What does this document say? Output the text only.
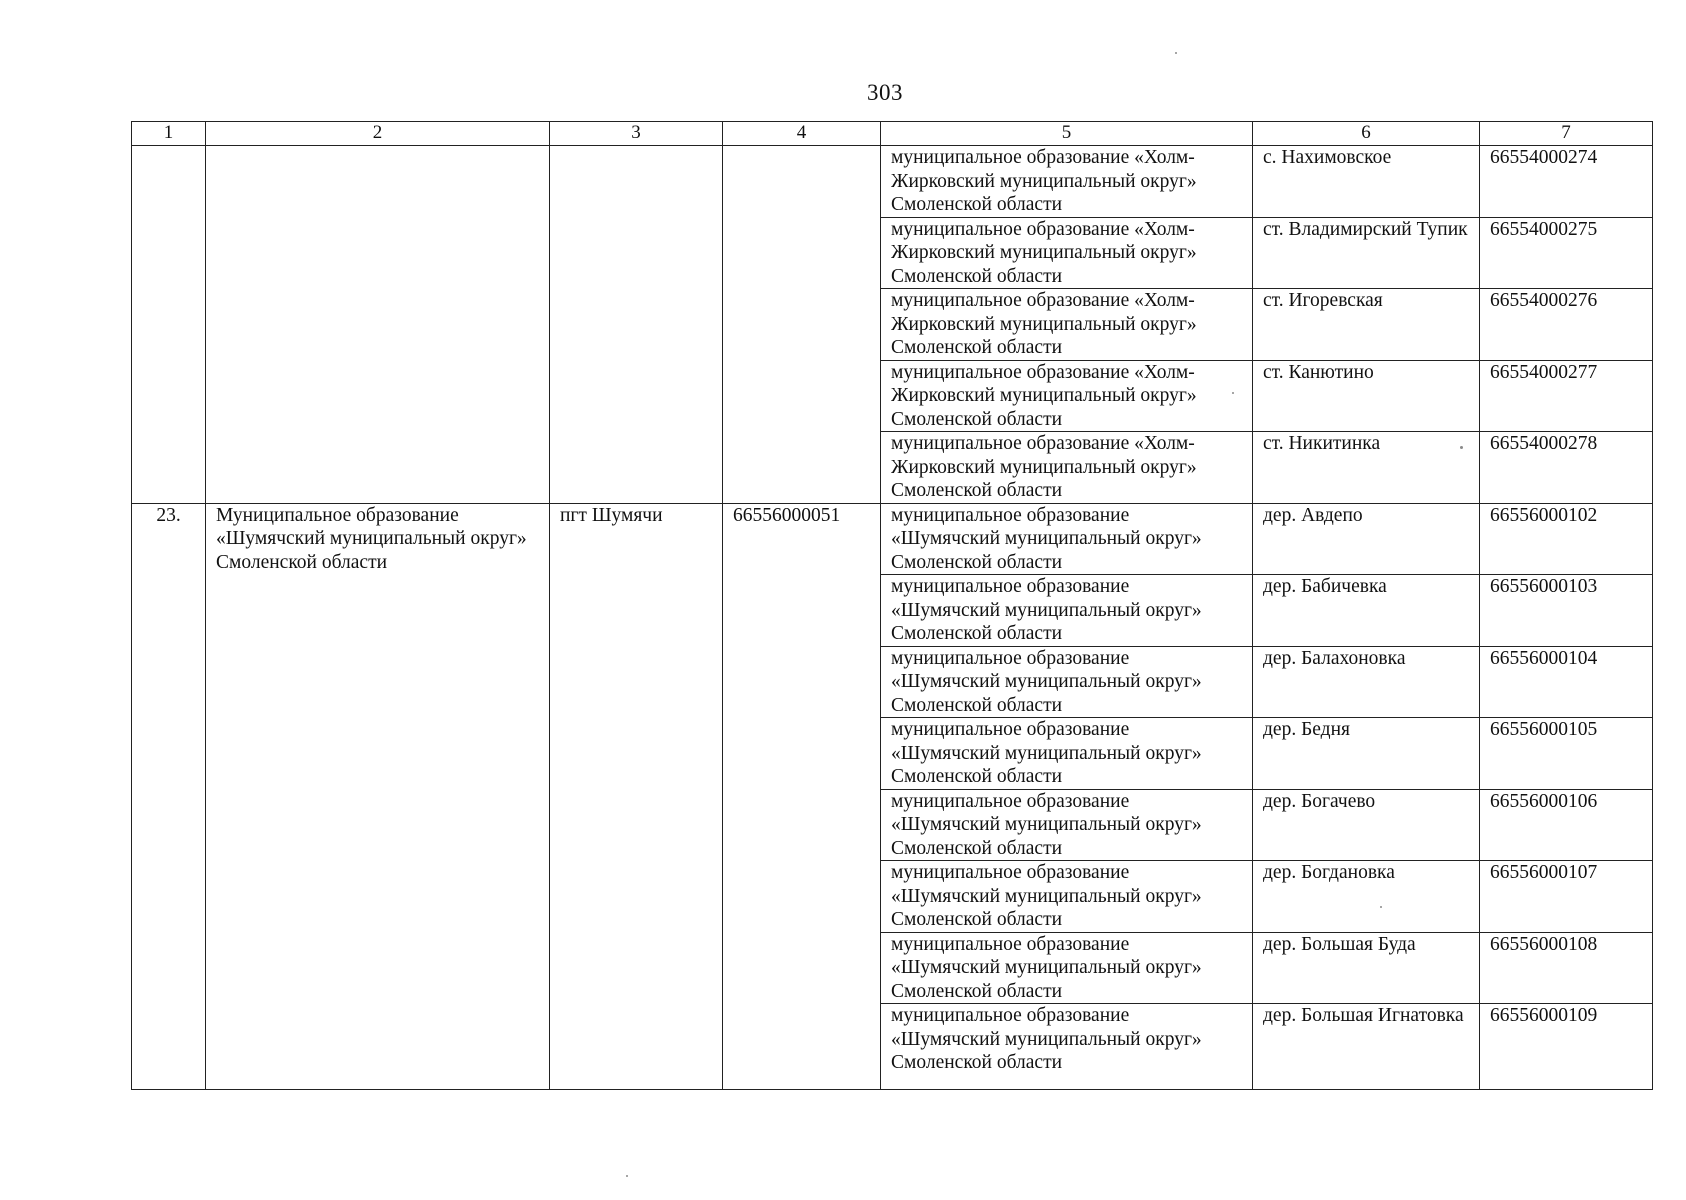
303
1	2	3	4	5	6	7
				муниципальное образование «Холм-Жирковский муниципальный округ» Смоленской области	с. Нахимовское	66554000274
				муниципальное образование «Холм-Жирковский муниципальный округ» Смоленской области	ст. Владимирский Тупик	66554000275
				муниципальное образование «Холм-Жирковский муниципальный округ» Смоленской области	ст. Игоревская	66554000276
				муниципальное образование «Холм-Жирковский муниципальный округ» Смоленской области	ст. Канютино	66554000277
				муниципальное образование «Холм-Жирковский муниципальный округ» Смоленской области	ст. Никитинка	66554000278
23.	Муниципальное образование «Шумячский муниципальный округ» Смоленской области	пгт Шумячи	66556000051	муниципальное образование «Шумячский муниципальный округ» Смоленской области	дер. Авдепо	66556000102
				муниципальное образование «Шумячский муниципальный округ» Смоленской области	дер. Бабичевка	66556000103
				муниципальное образование «Шумячский муниципальный округ» Смоленской области	дер. Балахоновка	66556000104
				муниципальное образование «Шумячский муниципальный округ» Смоленской области	дер. Бедня	66556000105
				муниципальное образование «Шумячский муниципальный округ» Смоленской области	дер. Богачево	66556000106
				муниципальное образование «Шумячский муниципальный округ» Смоленской области	дер. Богдановка	66556000107
				муниципальное образование «Шумячский муниципальный округ» Смоленской области	дер. Большая Буда	66556000108
				муниципальное образование «Шумячский муниципальный округ» Смоленской области	дер. Большая Игнатовка	66556000109
